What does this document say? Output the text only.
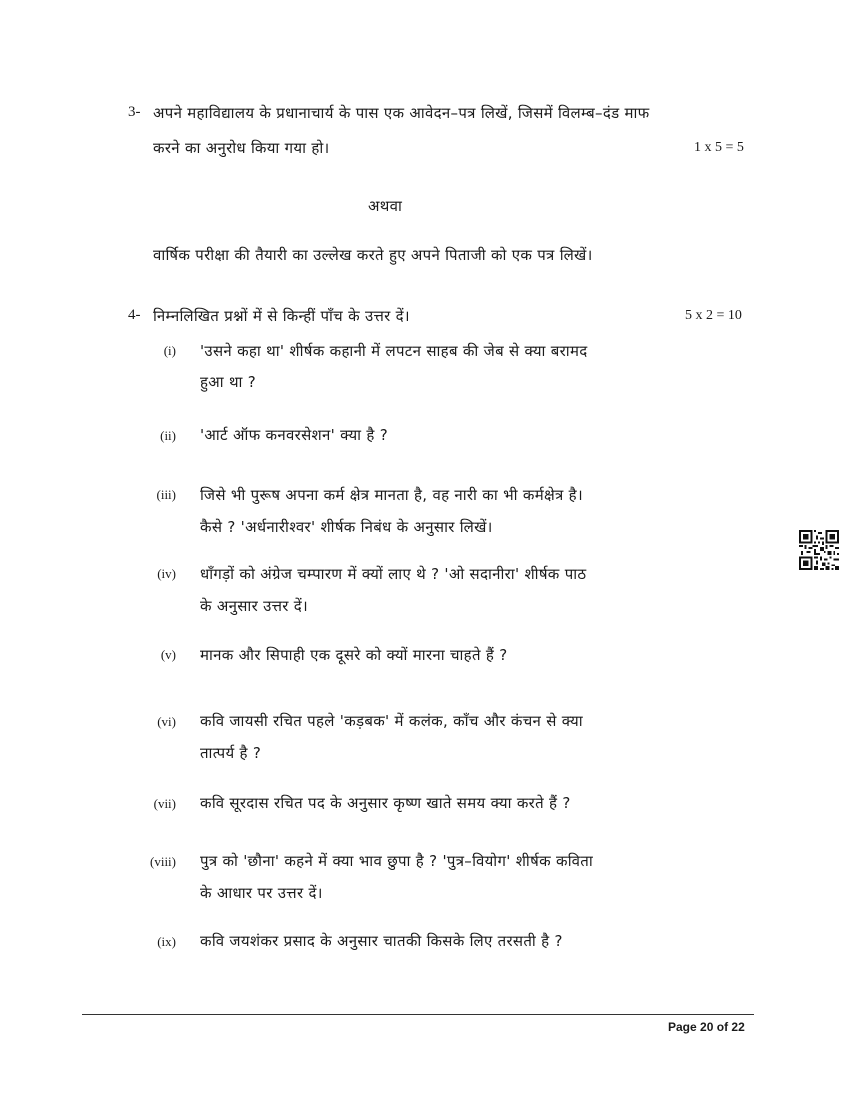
3- अपने महाविद्यालय के प्रधानाचार्य के पास एक आवेदन–पत्र लिखें, जिसमें विलम्ब–दंड माफ
करने का अनुरोध किया गया हो।	1 x 5 = 5
अथवा
वार्षिक परीक्षा की तैयारी का उल्लेख करते हुए अपने पिताजी को एक पत्र लिखें।
4- निम्नलिखित प्रश्नों में से किन्हीं पाँच के उत्तर दें।	5 x 2 = 10
(i) 'उसने कहा था' शीर्षक कहानी में लपटन साहब की जेब से क्या बरामद
हुआ था ?
(ii) 'आर्ट ऑफ कनवरसेशन' क्या है ?
(iii) जिसे भी पुरूष अपना कर्म क्षेत्र मानता है, वह नारी का भी कर्मक्षेत्र है।
कैसे ? 'अर्धनारीश्वर' शीर्षक निबंध के अनुसार लिखें।
(iv) धाँगड़ों को अंग्रेज चम्पारण में क्यों लाए थे ? 'ओ सदानीरा' शीर्षक पाठ
के अनुसार उत्तर दें।
(v) मानक और सिपाही एक दूसरे को क्यों मारना चाहते हैं ?
(vi) कवि जायसी रचित पहले 'कड़बक' में कलंक, काँच और कंचन से क्या
तात्पर्य है ?
(vii) कवि सूरदास रचित पद के अनुसार कृष्ण खाते समय क्या करते हैं ?
(viii) पुत्र को 'छौना' कहने में क्या भाव छुपा है ? 'पुत्र–वियोग' शीर्षक कविता
के आधार पर उत्तर दें।
(ix) कवि जयशंकर प्रसाद के अनुसार चातकी किसके लिए तरसती है ?
Page 20 of 22
